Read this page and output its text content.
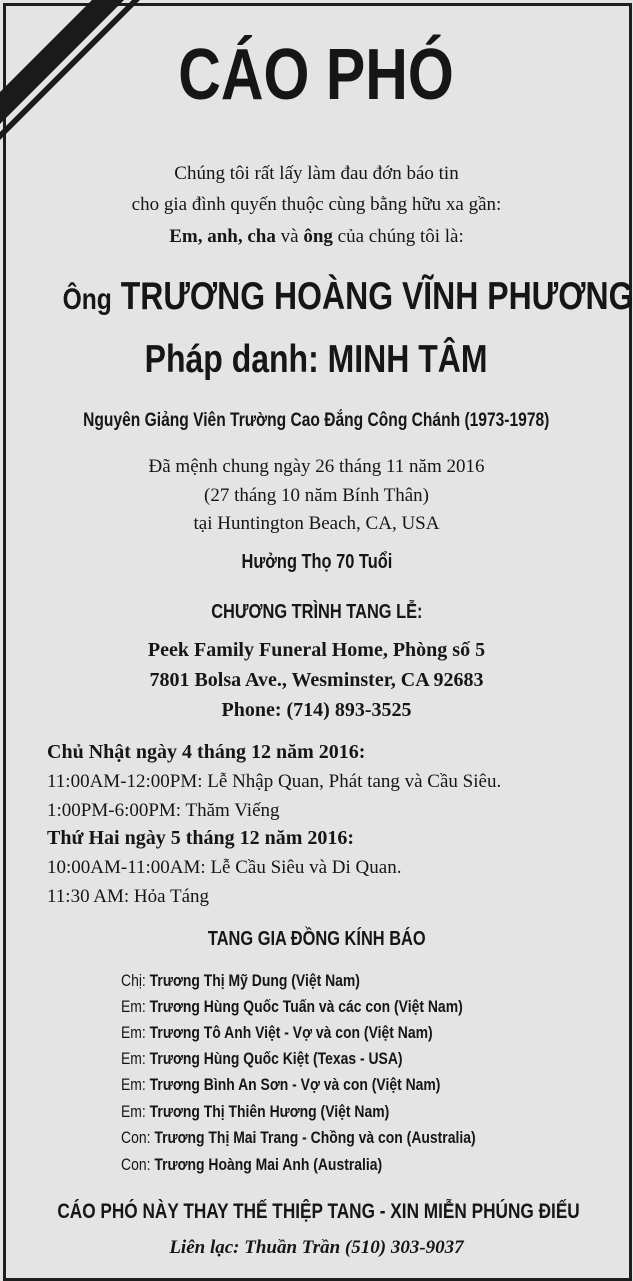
CÁO PHÓ
Chúng tôi rất lấy làm đau đớn báo tin
cho gia đình quyến thuộc cùng bằng hữu xa gần:
Em, anh, cha và ông của chúng tôi là:
Ông TRƯƠNG HOÀNG VĨNH PHƯƠNG
Pháp danh: MINH TÂM
Nguyên Giảng Viên Trường Cao Đẳng Công Chánh (1973-1978)
Đã mệnh chung ngày 26 tháng 11 năm 2016
(27 tháng 10 năm Bính Thân)
tại Huntington Beach, CA, USA
Hưởng Thọ 70 Tuổi
CHƯƠNG TRÌNH TANG LỄ:
Peek Family Funeral Home, Phòng số 5
7801 Bolsa Ave., Wesminster, CA 92683
Phone: (714) 893-3525
Chủ Nhật ngày 4 tháng 12 năm 2016:
11:00AM-12:00PM: Lễ Nhập Quan, Phát tang và Cầu Siêu.
1:00PM-6:00PM: Thăm Viếng
Thứ Hai ngày 5 tháng 12 năm 2016:
10:00AM-11:00AM: Lễ Cầu Siêu và Di Quan.
11:30 AM: Hỏa Táng
TANG GIA ĐỒNG KÍNH BÁO
Chị: Trương Thị Mỹ Dung (Việt Nam)
Em: Trương Hùng Quốc Tuấn và các con (Việt Nam)
Em: Trương Tô Anh Việt - Vợ và con (Việt Nam)
Em: Trương Hùng Quốc Kiệt (Texas - USA)
Em: Trương Bình An Sơn - Vợ và con (Việt Nam)
Em: Trương Thị Thiên Hương (Việt Nam)
Con: Trương Thị Mai Trang - Chồng và con (Australia)
Con: Trương Hoàng Mai Anh (Australia)
CÁO PHÓ NÀY THAY THẾ THIỆP TANG - XIN MIỄN PHÚNG ĐIẾU
Liên lạc: Thuần Trần (510) 303-9037
